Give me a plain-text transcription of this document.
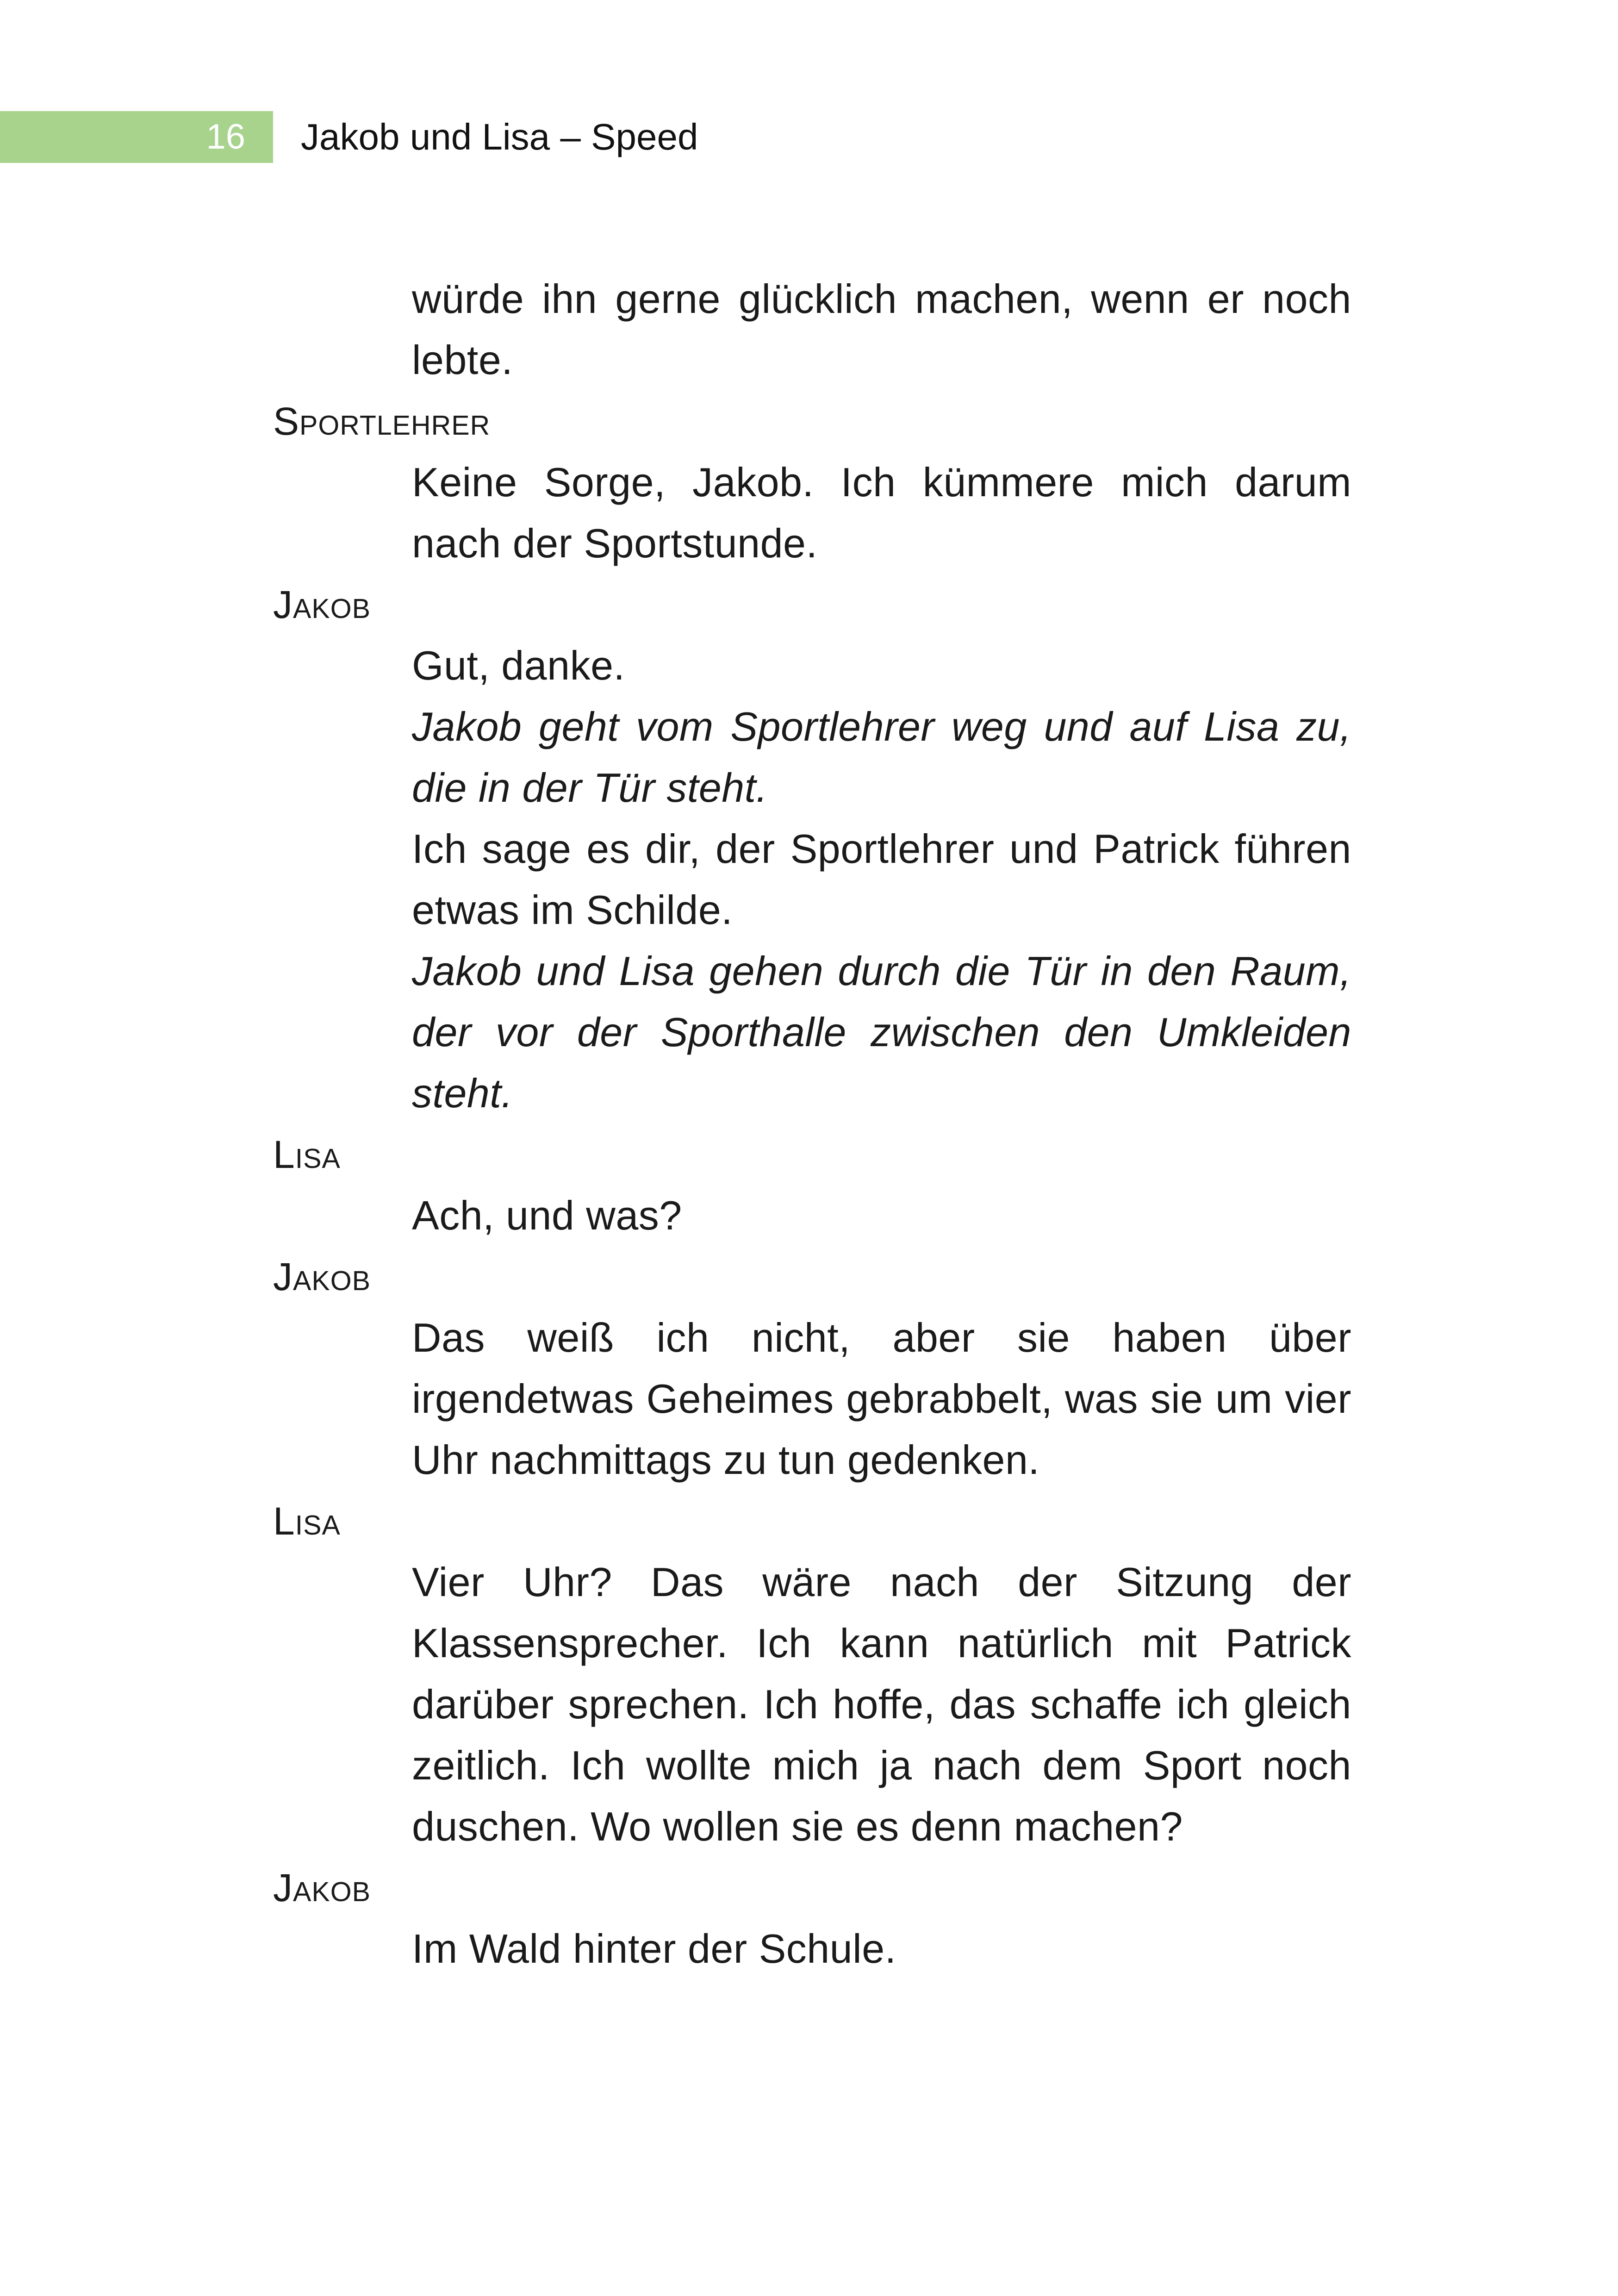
16	Jakob und Lisa – Speed
würde ihn gerne glücklich machen, wenn er noch lebte.
Sportlehrer
Keine Sorge, Jakob. Ich kümmere mich darum nach der Sportstunde.
Jakob
Gut, danke.
Jakob geht vom Sportlehrer weg und auf Lisa zu, die in der Tür steht.
Ich sage es dir, der Sportlehrer und Patrick führen etwas im Schilde.
Jakob und Lisa gehen durch die Tür in den Raum, der vor der Sporthalle zwischen den Umkleiden steht.
Lisa
Ach, und was?
Jakob
Das weiß ich nicht, aber sie haben über irgendetwas Geheimes gebrabbelt, was sie um vier Uhr nachmittags zu tun gedenken.
Lisa
Vier Uhr? Das wäre nach der Sitzung der Klassensprecher. Ich kann natürlich mit Patrick darüber sprechen. Ich hoffe, das schaffe ich gleich zeitlich. Ich wollte mich ja nach dem Sport noch duschen. Wo wollen sie es denn machen?
Jakob
Im Wald hinter der Schule.
